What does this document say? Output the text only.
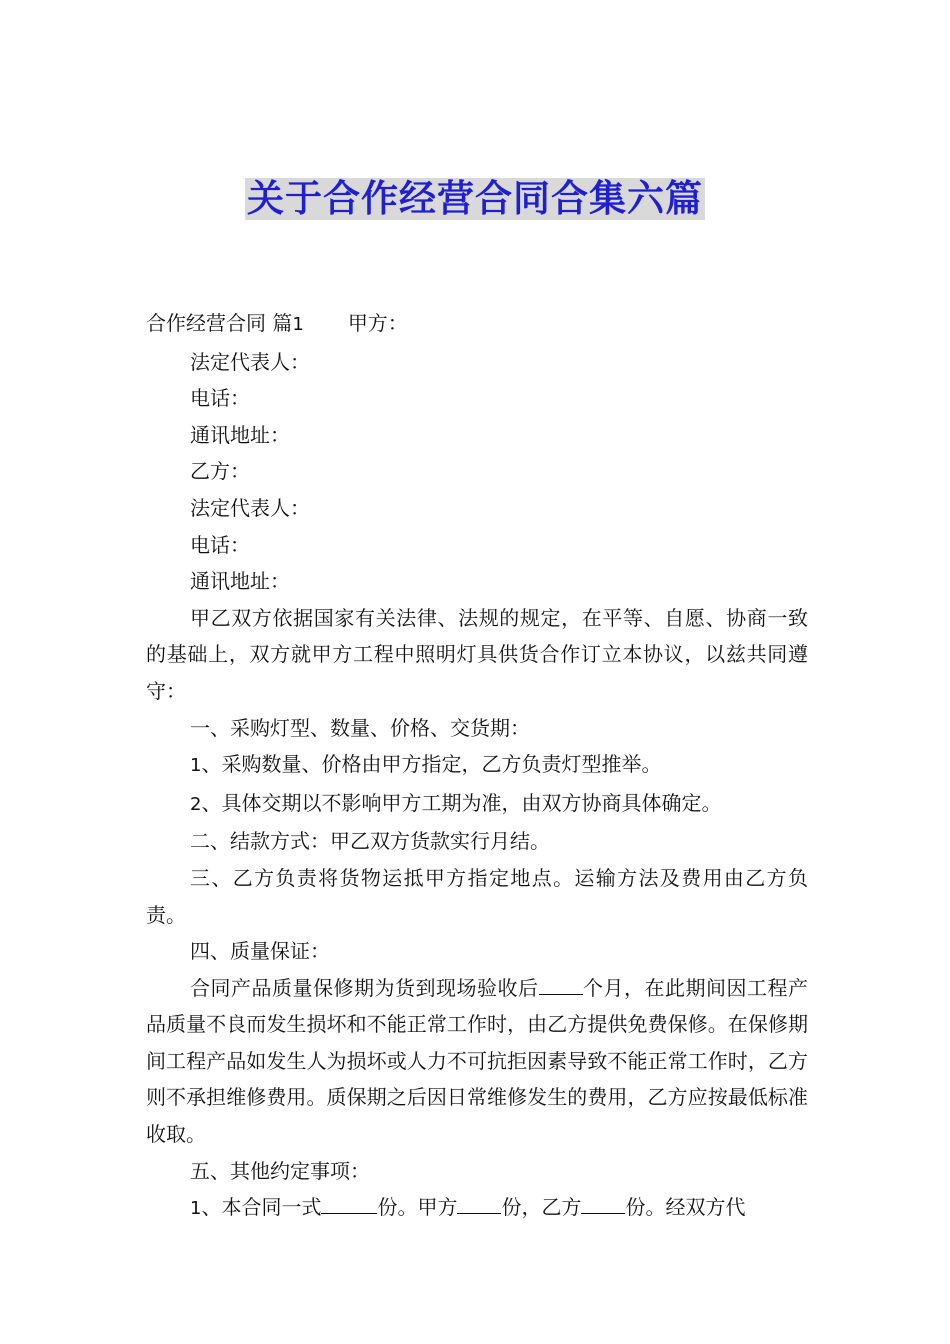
关于合作经营合同合集六篇

合作经营合同 篇1 甲方：

法定代表人：

电话：

通讯地址：

乙方：

法定代表人：

电话：

通讯地址：

甲乙双方依据国家有关法律、法规的规定，在平等、自愿、协商一致的基础上，双方就甲方工程中照明灯具供货合作订立本协议，以兹共同遵守：

一、采购灯型、数量、价格、交货期：

1、采购数量、价格由甲方指定，乙方负责灯型推举。

2、具体交期以不影响甲方工期为准，由双方协商具体确定。

二、结款方式：甲乙双方货款实行月结。

三、乙方负责将货物运抵甲方指定地点。运输方法及费用由乙方负责。

四、质量保证：

合同产品质量保修期为货到现场验收后 个月，在此期间因工程产品质量不良而发生损坏和不能正常工作时，由乙方提供免费保修。在保修期间工程产品如发生人为损坏或人力不可抗拒因素导致不能正常工作时，乙方则不承担维修费用。质保期之后因日常维修发生的费用，乙方应按最低标准收取。

五、其他约定事项：

1、本合同一式	份。甲方 份，乙方 份。经双方代
